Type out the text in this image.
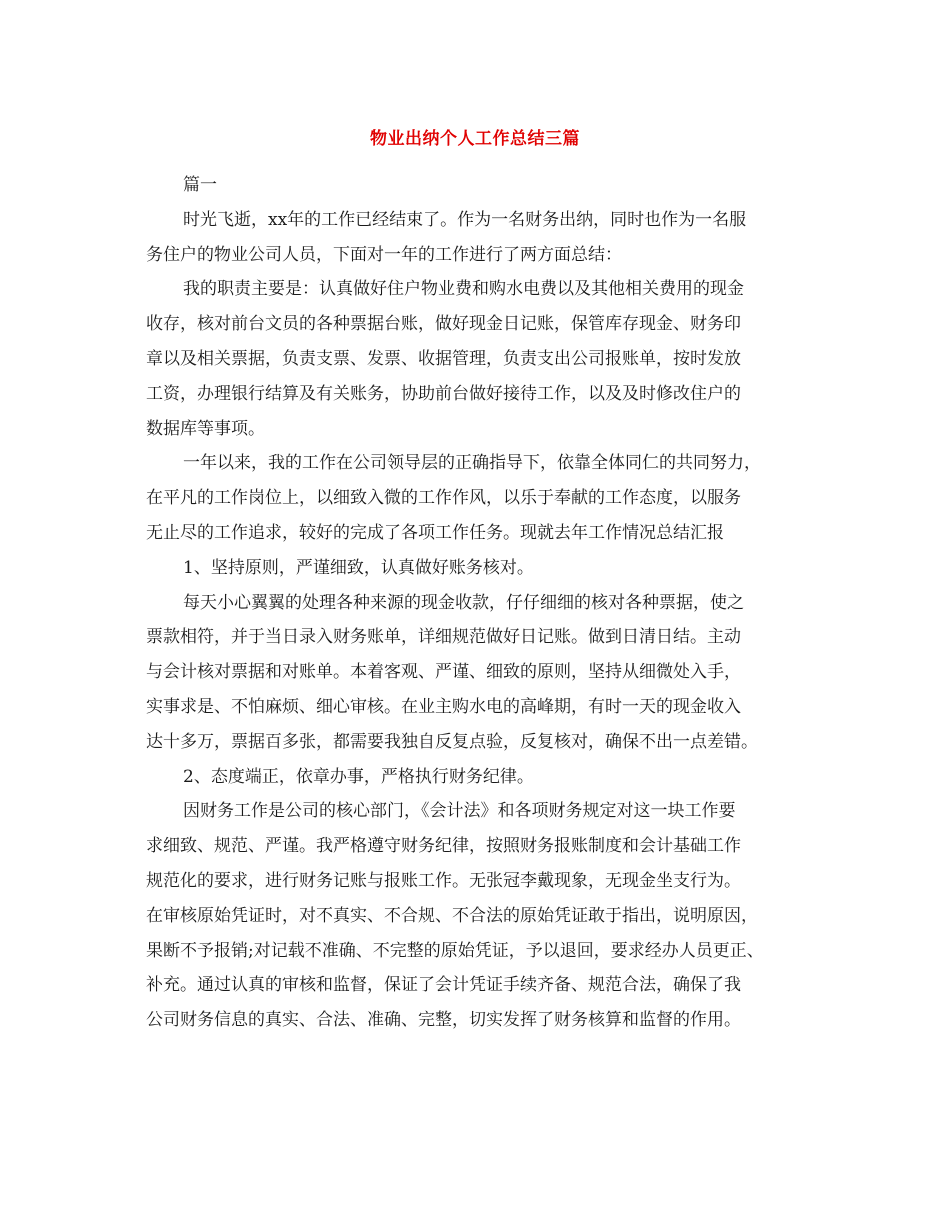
物业出纳个人工作总结三篇
篇一
时光飞逝，xx年的工作已经结束了。作为一名财务出纳，同时也作为一名服
务住户的物业公司人员，下面对一年的工作进行了两方面总结：
我的职责主要是：认真做好住户物业费和购水电费以及其他相关费用的现金
收存，核对前台文员的各种票据台账，做好现金日记账，保管库存现金、财务印
章以及相关票据，负责支票、发票、收据管理，负责支出公司报账单，按时发放
工资，办理银行结算及有关账务，协助前台做好接待工作，以及及时修改住户的
数据库等事项。
一年以来，我的工作在公司领导层的正确指导下，依靠全体同仁的共同努力，
在平凡的工作岗位上，以细致入微的工作作风，以乐于奉献的工作态度，以服务
无止尽的工作追求，较好的完成了各项工作任务。现就去年工作情况总结汇报
1、坚持原则，严谨细致，认真做好账务核对。
每天小心翼翼的处理各种来源的现金收款，仔仔细细的核对各种票据，使之
票款相符，并于当日录入财务账单，详细规范做好日记账。做到日清日结。主动
与会计核对票据和对账单。本着客观、严谨、细致的原则，坚持从细微处入手，
实事求是、不怕麻烦、细心审核。在业主购水电的高峰期，有时一天的现金收入
达十多万，票据百多张，都需要我独自反复点验，反复核对，确保不出一点差错。
2、态度端正，依章办事，严格执行财务纪律。
因财务工作是公司的核心部门，《会计法》和各项财务规定对这一块工作要
求细致、规范、严谨。我严格遵守财务纪律，按照财务报账制度和会计基础工作
规范化的要求，进行财务记账与报账工作。无张冠李戴现象，无现金坐支行为。
在审核原始凭证时，对不真实、不合规、不合法的原始凭证敢于指出，说明原因，
果断不予报销;对记载不准确、不完整的原始凭证，予以退回，要求经办人员更正、
补充。通过认真的审核和监督，保证了会计凭证手续齐备、规范合法，确保了我
公司财务信息的真实、合法、准确、完整，切实发挥了财务核算和监督的作用。
